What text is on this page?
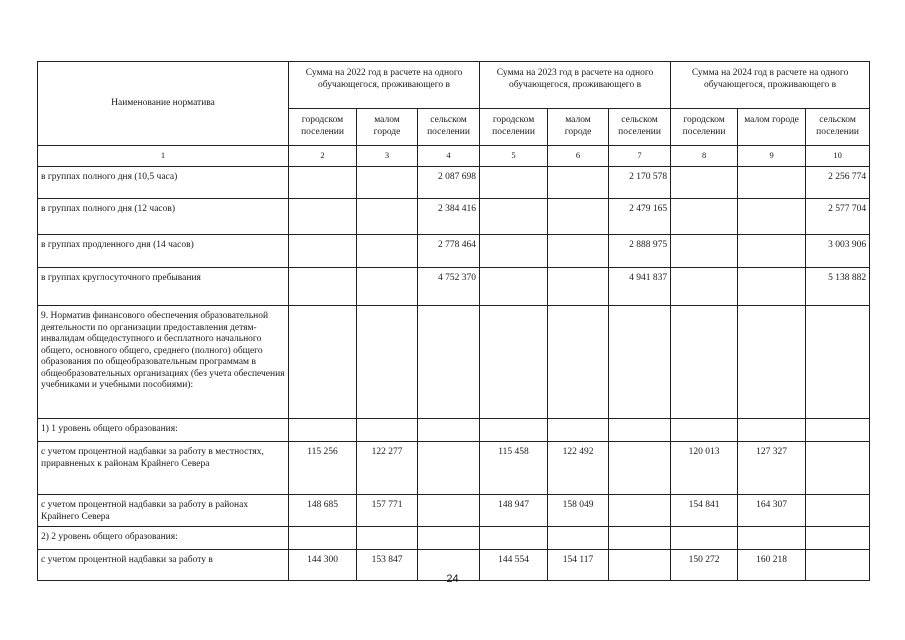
Наименование норматива	Сумма на 2022 год в расчете на одного обучающегося, проживающего в			Сумма на 2023 год в расчете на одного обучающегося, проживающего в			Сумма на 2024 год в расчете на одного обучающегося, проживающего в		
	городском поселении	малом городе	сельском поселении	городском поселении	малом городе	сельском поселении	городском поселении	малом городе	сельском поселении
1	2	3	4	5	6	7	8	9	10
в группах полного дня (10,5 часа)			2 087 698			2 170 578			2 256 774
в группах полного дня (12 часов)			2 384 416			2 479 165			2 577 704
в группах продленного дня (14 часов)			2 778 464			2 888 975			3 003 906
в группах круглосуточного пребывания			4 752 370			4 941 837			5 138 882
9. Норматив финансового обеспечения образовательной деятельности по организации предоставления детям-инвалидам общедоступного и бесплатного начального общего, основного общего, среднего (полного) общего образования по общеобразовательным программам в общеобразовательных организациях (без учета обеспечения учебниками и учебными пособиями):									
1) 1 уровень общего образования:									
с учетом процентной надбавки за работу в местностях, приравненых к районам Крайнего Севера	115 256	122 277		115 458	122 492		120 013	127 327	
с учетом процентной надбавки за работу в районах Крайнего Севера	148 685	157 771		148 947	158 049		154 841	164 307	
2) 2 уровень общего образования:									
с учетом процентной надбавки за работу в	144 300	153 847		144 554	154 117		150 272	160 218	
24
